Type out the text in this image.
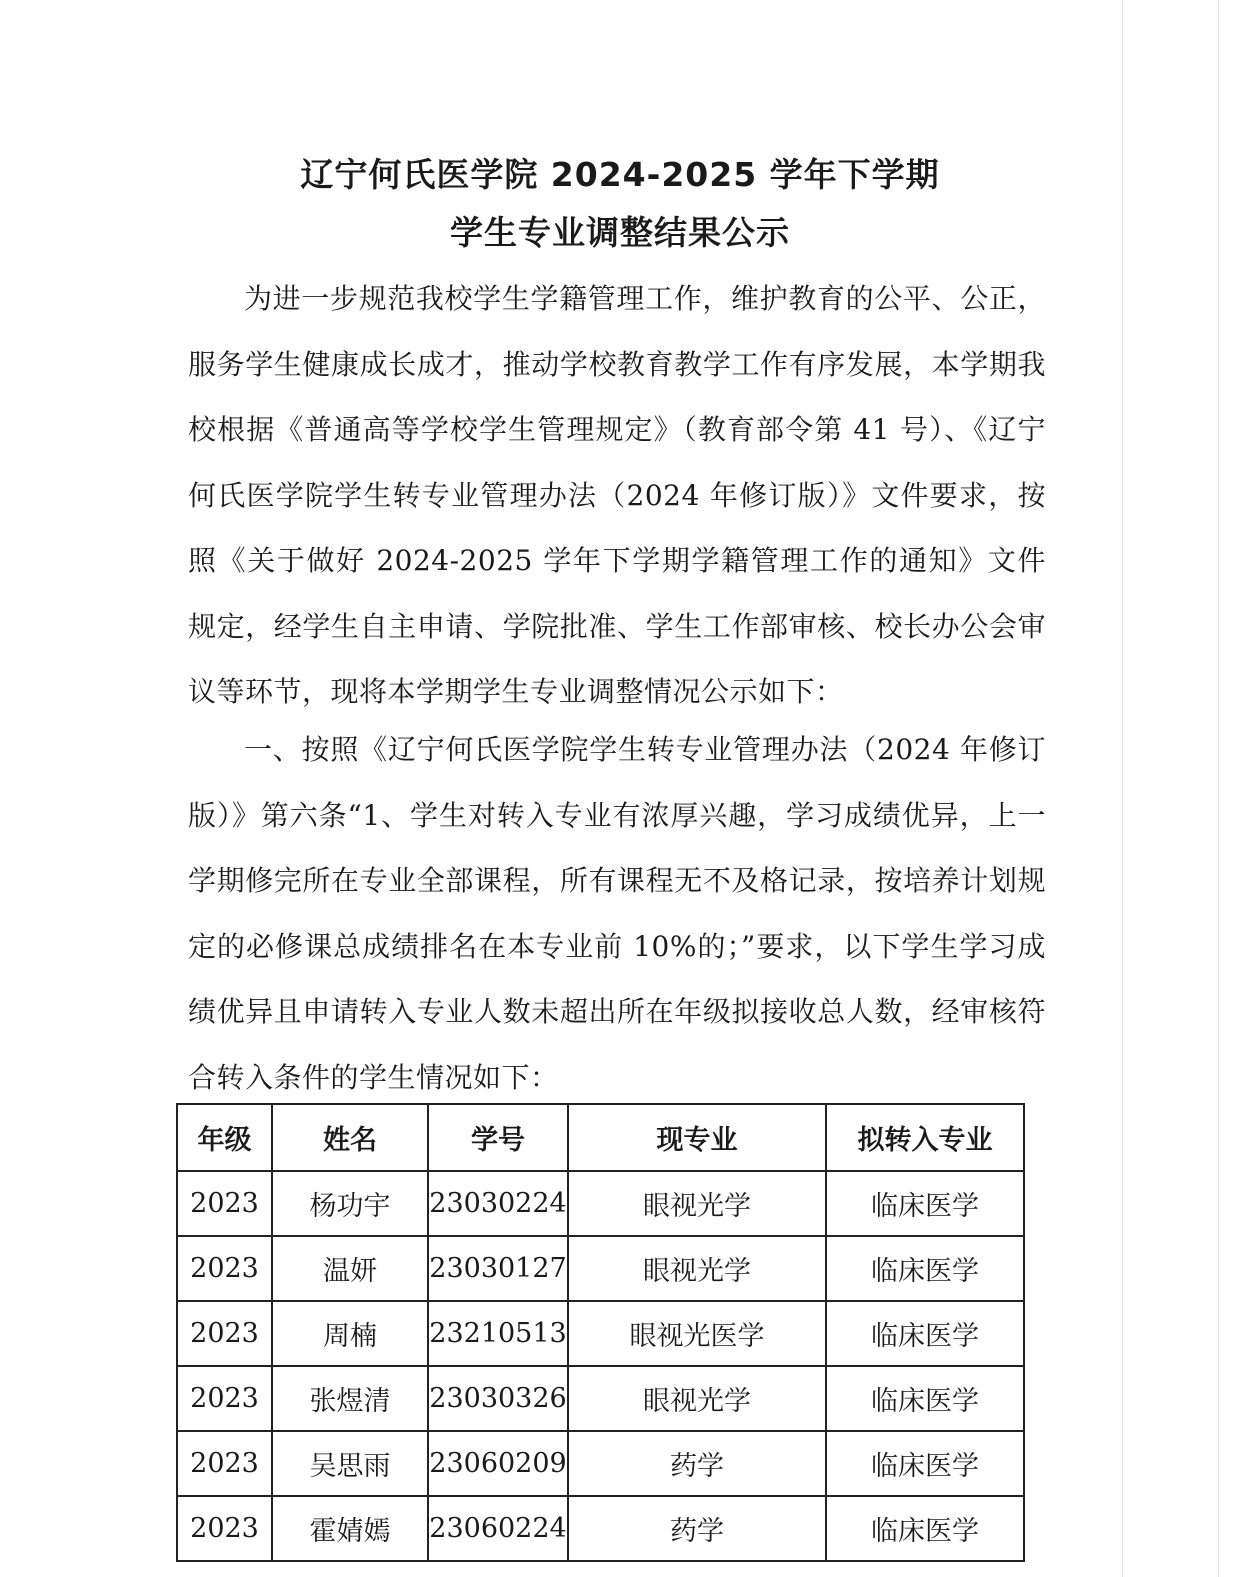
辽宁何氏医学院 2024-2025 学年下学期
学生专业调整结果公示

为进一步规范我校学生学籍管理工作，维护教育的公平、公正，服务学生健康成长成才，推动学校教育教学工作有序发展，本学期我校根据《普通高等学校学生管理规定》（教育部令第 41 号）、《辽宁何氏医学院学生转专业管理办法（2024 年修订版）》文件要求，按照《关于做好 2024-2025 学年下学期学籍管理工作的通知》文件规定，经学生自主申请、学院批准、学生工作部审核、校长办公会审议等环节，现将本学期学生专业调整情况公示如下：

一、按照《辽宁何氏医学院学生转专业管理办法（2024 年修订版）》第六条“1、学生对转入专业有浓厚兴趣，学习成绩优异，上一学期修完所在专业全部课程，所有课程无不及格记录，按培养计划规定的必修课总成绩排名在本专业前 10%的；”要求，以下学生学习成绩优异且申请转入专业人数未超出所在年级拟接收总人数，经审核符合转入条件的学生情况如下：

年级	姓名	学号	现专业	拟转入专业
2023	杨功宇	23030224	眼视光学	临床医学
2023	温妍	23030127	眼视光学	临床医学
2023	周楠	23210513	眼视光医学	临床医学
2023	张煜清	23030326	眼视光学	临床医学
2023	吴思雨	23060209	药学	临床医学
2023	霍婧嫣	23060224	药学	临床医学
